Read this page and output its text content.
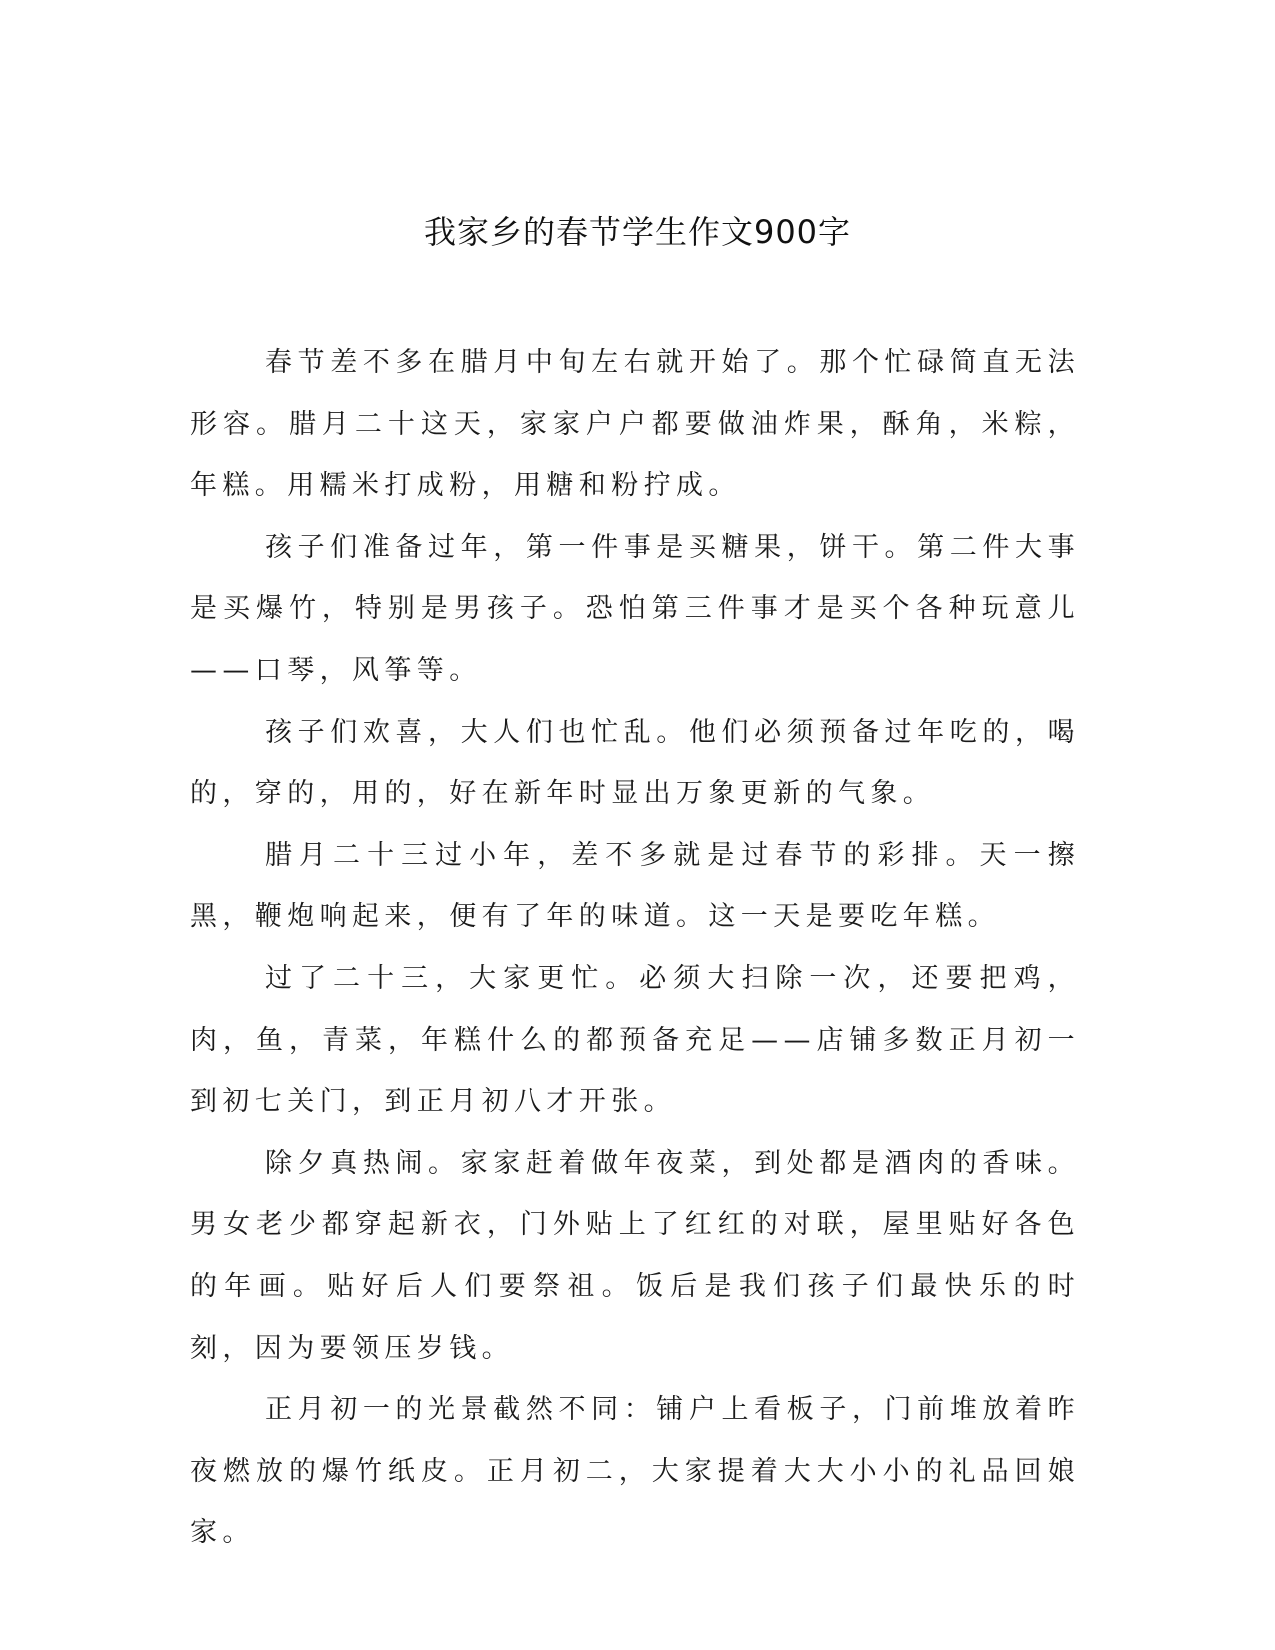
我家乡的春节学生作文900字

春节差不多在腊月中旬左右就开始了。那个忙碌简直无法形容。腊月二十这天，家家户户都要做油炸果，酥角，米粽，年糕。用糯米打成粉，用糖和粉拧成。

孩子们准备过年，第一件事是买糖果，饼干。第二件大事是买爆竹，特别是男孩子。恐怕第三件事才是买个各种玩意儿——口琴，风筝等。

孩子们欢喜，大人们也忙乱。他们必须预备过年吃的，喝的，穿的，用的，好在新年时显出万象更新的气象。

腊月二十三过小年，差不多就是过春节的彩排。天一擦黑，鞭炮响起来，便有了年的味道。这一天是要吃年糕。

过了二十三，大家更忙。必须大扫除一次，还要把鸡，肉，鱼，青菜，年糕什么的都预备充足——店铺多数正月初一到初七关门，到正月初八才开张。

除夕真热闹。家家赶着做年夜菜，到处都是酒肉的香味。男女老少都穿起新衣，门外贴上了红红的对联，屋里贴好各色的年画。贴好后人们要祭祖。饭后是我们孩子们最快乐的时刻，因为要领压岁钱。

正月初一的光景截然不同：铺户上看板子，门前堆放着昨夜燃放的爆竹纸皮。正月初二，大家提着大大小小的礼品回娘家。
